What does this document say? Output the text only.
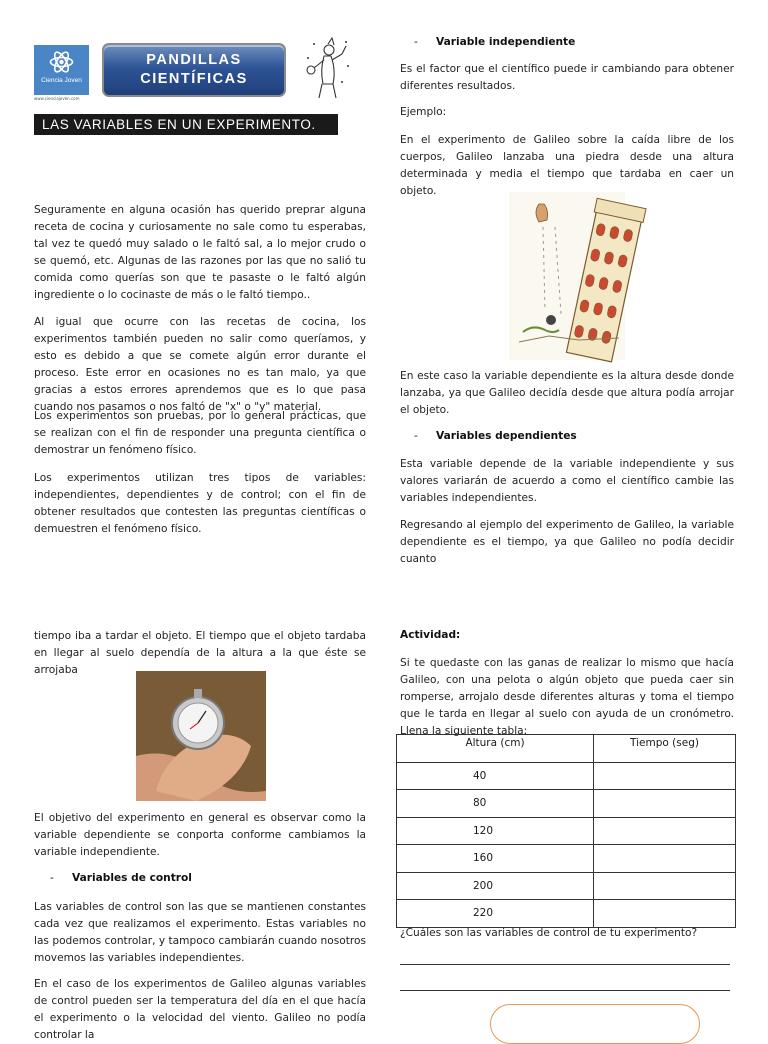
Ciencia Joven
www.cienciajoven.com
PANDILLAS
CIENTÍFICAS
LAS VARIABLES EN UN EXPERIMENTO.
Seguramente en alguna ocasión has querido preprar alguna receta de cocina y curiosamente no sale como tu esperabas, tal vez te quedó muy salado o le faltó sal, a lo mejor crudo o se quemó, etc. Algunas de las razones por las que no salió tu comida como querías son que te pasaste o le faltó algún ingrediente o lo cocinaste de más o le faltó tiempo..
Al igual que ocurre con las recetas de cocina, los experimentos también pueden no salir como queríamos, y esto es debido a que se comete algún error durante el proceso. Este error en ocasiones no es tan malo, ya que gracias a estos errores aprendemos que es lo que pasa cuando nos pasamos o nos faltó de "x" o "y" material.
Los experimentos son pruebas, por lo general prácticas, que se realizan con el fin de responder una pregunta científica o demostrar un fenómeno físico.
Los experimentos utilizan tres tipos de variables: independientes, dependientes y de control; con el fin de obtener resultados que contesten las preguntas científicas o demuestren el fenómeno físico.
tiempo iba a tardar el objeto. El tiempo que el objeto tardaba en llegar al suelo dependía de la altura a la que éste se arrojaba
El objetivo del experimento en general es observar como la variable dependiente se conporta conforme cambiamos la variable independiente.
- Variables de control
Las variables de control son las que se mantienen constantes cada vez que realizamos el experimento. Estas variables no las podemos controlar, y tampoco cambiarán cuando nosotros movemos las variables independientes.
En el caso de los experimentos de Galileo algunas variables de control pueden ser la temperatura del día en el que hacía el experimento o la velocidad del viento. Galileo no podía controlar la
- Variable independiente
Es el factor que el científico puede ir cambiando para obtener diferentes resultados.
Ejemplo:
En el experimento de Galileo sobre la caída libre de los cuerpos, Galileo lanzaba una piedra desde una altura determinada y media el tiempo que tardaba en caer un objeto.
En este caso la variable dependiente es la altura desde donde lanzaba, ya que Galileo decidía desde que altura podía arrojar el objeto.
- Variables dependientes
Esta variable depende de la variable independiente y sus valores variarán de acuerdo a como el científico cambie las variables independientes.
Regresando al ejemplo del experimento de Galileo, la variable dependiente es el tiempo, ya que Galileo no podía decidir cuanto
Actividad:
Si te quedaste con las ganas de realizar lo mismo que hacía Galileo, con una pelota o algún objeto que pueda caer sin romperse, arrojalo desde diferentes alturas y toma el tiempo que le tarda en llegar al suelo con ayuda de un cronómetro. Llena la siguiente tabla:
Altura (cm)	Tiempo (seg)
40	
80	
120	
160	
200	
220	
¿Cuáles son las variables de control de tu experimento?
